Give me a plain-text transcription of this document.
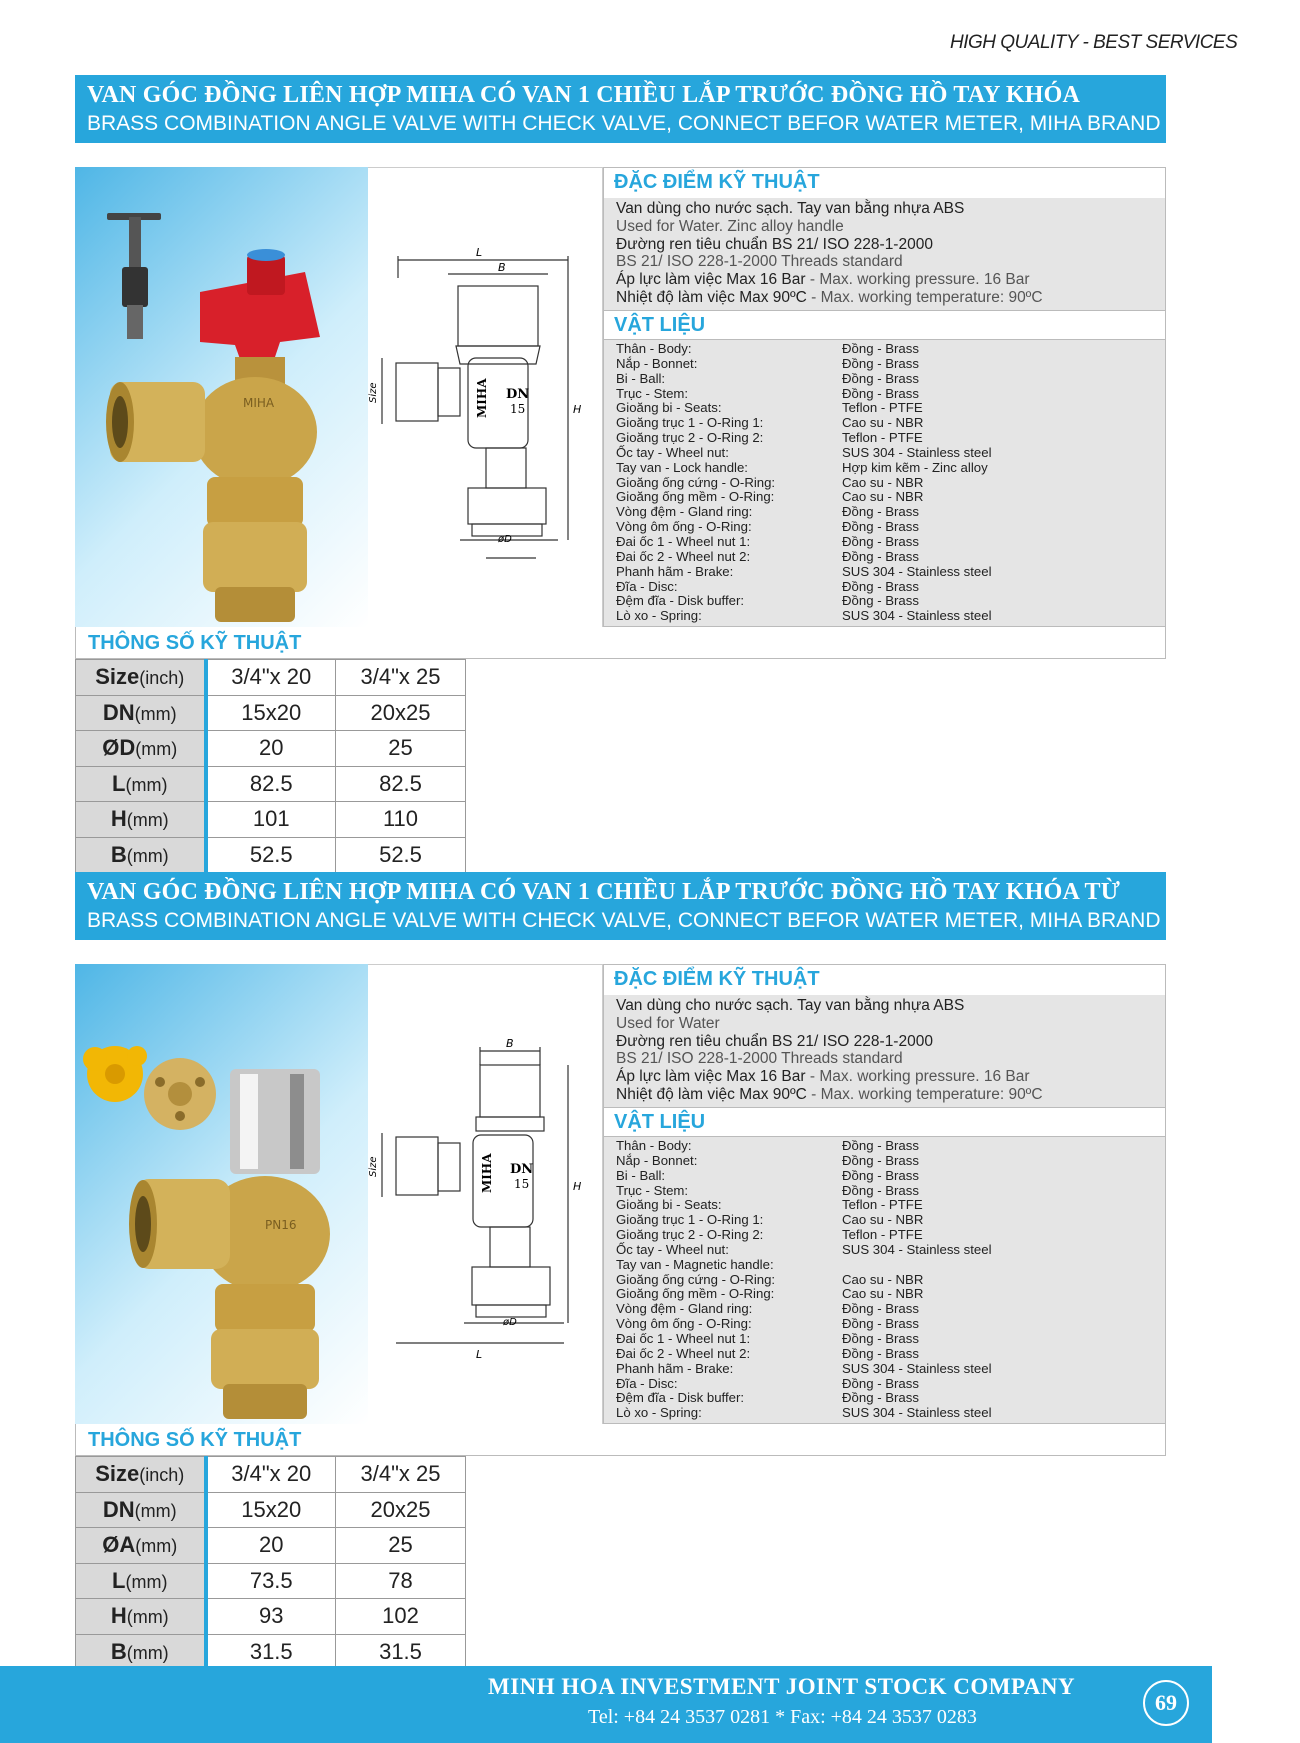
HIGH QUALITY - BEST SERVICES
VAN GÓC ĐỒNG LIÊN HỢP MIHA CÓ VAN 1 CHIỀU LẮP TRƯỚC ĐỒNG HỒ TAY KHÓA
BRASS COMBINATION ANGLE VALVE WITH CHECK VALVE, CONNECT BEFOR WATER METER, MIHA BRAND
MIHA
L
B
H
Size
øD
MIHA DN
15
ĐẶC ĐIỂM KỸ THUẬT
Van dùng cho nước sạch. Tay van bằng nhựa ABS
Used for Water. Zinc alloy handle
Đường ren tiêu chuẩn BS 21/ ISO 228-1-2000
BS 21/ ISO 228-1-2000 Threads standard
Áp lực làm việc Max 16 Bar - Max. working pressure. 16 Bar
Nhiệt độ làm việc Max 90ºC - Max. working temperature: 90ºC
VẬT LIỆU
Thân - Body:	Đồng - Brass
Nắp - Bonnet:	Đồng - Brass
Bi - Ball:	Đồng - Brass
Trục - Stem:	Đồng - Brass
Gioăng bi - Seats:	Teflon - PTFE
Gioăng trục 1 - O-Ring 1:	Cao su - NBR
Gioăng trục 2 - O-Ring 2:	Teflon - PTFE
Ốc tay - Wheel nut:	SUS 304 - Stainless steel
Tay van - Lock handle:	Hợp kim kẽm - Zinc alloy
Gioăng ống cứng - O-Ring:	Cao su - NBR
Gioăng ống mềm - O-Ring:	Cao su - NBR
Vòng đệm - Gland ring:	Đồng - Brass
Vòng ôm ống - O-Ring:	Đồng - Brass
Đai ốc 1 - Wheel nut 1:	Đồng - Brass
Đai ốc 2 - Wheel nut 2:	Đồng - Brass
Phanh hãm - Brake:	SUS 304 - Stainless steel
Đĩa - Disc:	Đồng - Brass
Đệm đĩa - Disk buffer:	Đồng - Brass
Lò xo - Spring:	SUS 304 - Stainless steel
THÔNG SỐ KỸ THUẬT
Size(inch)	3/4"x 20	3/4"x 25
DN(mm)	15x20	20x25
ØD(mm)	20	25
L(mm)	82.5	82.5
H(mm)	101	110
B(mm)	52.5	52.5
VAN GÓC ĐỒNG LIÊN HỢP MIHA CÓ VAN 1 CHIỀU LẮP TRƯỚC ĐỒNG HỒ TAY KHÓA TỪ
BRASS COMBINATION ANGLE VALVE WITH CHECK VALVE, CONNECT BEFOR WATER METER, MIHA BRAND
PN16
B
L
H
Size
øD
MIHA DN
15
ĐẶC ĐIỂM KỸ THUẬT
Van dùng cho nước sạch. Tay van bằng nhựa ABS
Used for Water
Đường ren tiêu chuẩn BS 21/ ISO 228-1-2000
BS 21/ ISO 228-1-2000 Threads standard
Áp lực làm việc Max 16 Bar - Max. working pressure. 16 Bar
Nhiệt độ làm việc Max 90ºC - Max. working temperature: 90ºC
VẬT LIỆU
Thân - Body:	Đồng - Brass
Nắp - Bonnet:	Đồng - Brass
Bi - Ball:	Đồng - Brass
Trục - Stem:	Đồng - Brass
Gioăng bi - Seats:	Teflon - PTFE
Gioăng trục 1 - O-Ring 1:	Cao su - NBR
Gioăng trục 2 - O-Ring 2:	Teflon - PTFE
Ốc tay - Wheel nut:	SUS 304 - Stainless steel
Tay van - Magnetic handle:
Gioăng ống cứng - O-Ring:	Cao su - NBR
Gioăng ống mềm - O-Ring:	Cao su - NBR
Vòng đệm - Gland ring:	Đồng - Brass
Vòng ôm ống - O-Ring:	Đồng - Brass
Đai ốc 1 - Wheel nut 1:	Đồng - Brass
Đai ốc 2 - Wheel nut 2:	Đồng - Brass
Phanh hãm - Brake:	SUS 304 - Stainless steel
Đĩa - Disc:	Đồng - Brass
Đệm đĩa - Disk buffer:	Đồng - Brass
Lò xo - Spring:	SUS 304 - Stainless steel
THÔNG SỐ KỸ THUẬT
Size(inch)	3/4"x 20	3/4"x 25
DN(mm)	15x20	20x25
ØA(mm)	20	25
L(mm)	73.5	78
H(mm)	93	102
B(mm)	31.5	31.5
MINH HOA INVESTMENT JOINT STOCK COMPANY
Tel: +84 24 3537 0281 * Fax: +84 24 3537 0283
69
